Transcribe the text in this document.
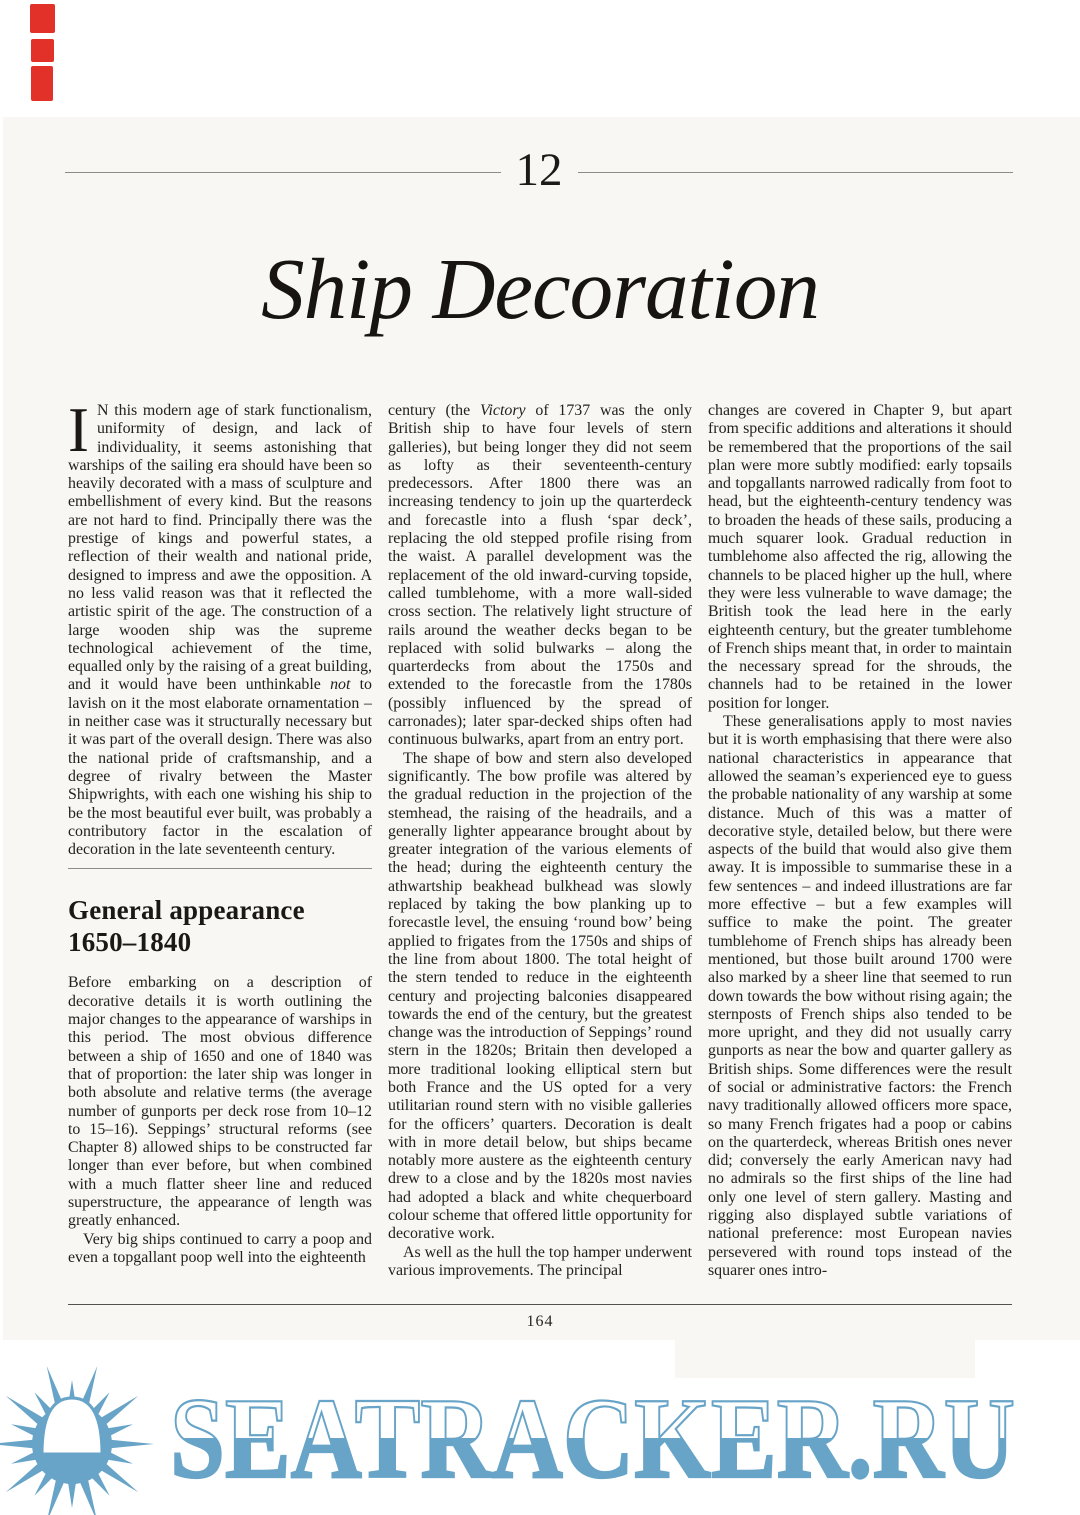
12
Ship Decoration

I N this modern age of stark functionalism, uniformity of design, and lack of individuality, it seems astonishing that warships of the sailing era should have been so heavily decorated with a mass of sculpture and embellishment of every kind. But the reasons are not hard to find. Principally there was the prestige of kings and powerful states, a reflection of their wealth and national pride, designed to impress and awe the opposition. A no less valid reason was that it reflected the artistic spirit of the age. The construction of a large wooden ship was the supreme technological achievement of the time, equalled only by the raising of a great building, and it would have been unthinkable not to lavish on it the most elaborate ornamentation – in neither case was it structurally necessary but it was part of the overall design. There was also the national pride of craftsmanship, and a degree of rivalry between the Master Shipwrights, with each one wishing his ship to be the most beautiful ever built, was probably a contributory factor in the escalation of decoration in the late seventeenth century.

General appearance
1650–1840

Before embarking on a description of decorative details it is worth outlining the major changes to the appearance of warships in this period. The most obvious difference between a ship of 1650 and one of 1840 was that of proportion: the later ship was longer in both absolute and relative terms (the average number of gunports per deck rose from 10–12 to 15–16). Seppings’ structural reforms (see Chapter 8) allowed ships to be constructed far longer than ever before, but when combined with a much flatter sheer line and reduced superstructure, the appearance of length was greatly enhanced.

Very big ships continued to carry a poop and even a topgallant poop well into the eighteenth

century (the Victory of 1737 was the only British ship to have four levels of stern galleries), but being longer they did not seem as lofty as their seventeenth-century predecessors. After 1800 there was an increasing tendency to join up the quarterdeck and forecastle into a flush ‘spar deck’, replacing the old stepped profile rising from the waist. A parallel development was the replacement of the old inward-curving topside, called tumblehome, with a more wall-sided cross section. The relatively light structure of rails around the weather decks began to be replaced with solid bulwarks – along the quarterdecks from about the 1750s and extended to the forecastle from the 1780s (possibly influenced by the spread of carronades); later spar-decked ships often had continuous bulwarks, apart from an entry port.

The shape of bow and stern also developed significantly. The bow profile was altered by the gradual reduction in the projection of the stemhead, the raising of the headrails, and a generally lighter appearance brought about by greater integration of the various elements of the head; during the eighteenth century the athwartship beakhead bulkhead was slowly replaced by taking the bow planking up to forecastle level, the ensuing ‘round bow’ being applied to frigates from the 1750s and ships of the line from about 1800. The total height of the stern tended to reduce in the eighteenth century and projecting balconies disappeared towards the end of the century, but the greatest change was the introduction of Seppings’ round stern in the 1820s; Britain then developed a more traditional looking elliptical stern but both France and the US opted for a very utilitarian round stern with no visible galleries for the officers’ quarters. Decoration is dealt with in more detail below, but ships became notably more austere as the eighteenth century drew to a close and by the 1820s most navies had adopted a black and white chequerboard colour scheme that offered little opportunity for decorative work.

As well as the hull the top hamper underwent various improvements. The principal

changes are covered in Chapter 9, but apart from specific additions and alterations it should be remembered that the proportions of the sail plan were more subtly modified: early topsails and topgallants narrowed radically from foot to head, but the eighteenth-century tendency was to broaden the heads of these sails, producing a much squarer look. Gradual reduction in tumblehome also affected the rig, allowing the channels to be placed higher up the hull, where they were less vulnerable to wave damage; the British took the lead here in the early eighteenth century, but the greater tumblehome of French ships meant that, in order to maintain the necessary spread for the shrouds, the channels had to be retained in the lower position for longer.

These generalisations apply to most navies but it is worth emphasising that there were also national characteristics in appearance that allowed the seaman’s experienced eye to guess the probable nationality of any warship at some distance. Much of this was a matter of decorative style, detailed below, but there were aspects of the build that would also give them away. It is impossible to summarise these in a few sentences – and indeed illustrations are far more effective – but a few examples will suffice to make the point. The greater tumblehome of French ships has already been mentioned, but those built around 1700 were also marked by a sheer line that seemed to run down towards the bow without rising again; the sternposts of French ships also tended to be more upright, and they did not usually carry gunports as near the bow and quarter gallery as British ships. Some differences were the result of social or administrative factors: the French navy traditionally allowed officers more space, so many French frigates had a poop or cabins on the quarterdeck, whereas British ones never did; conversely the early American navy had no admirals so the first ships of the line had only one level of stern gallery. Masting and rigging also displayed subtle variations of national preference: most European navies persevered with round tops instead of the squarer ones intro-

164
SEATRACKER.RU
